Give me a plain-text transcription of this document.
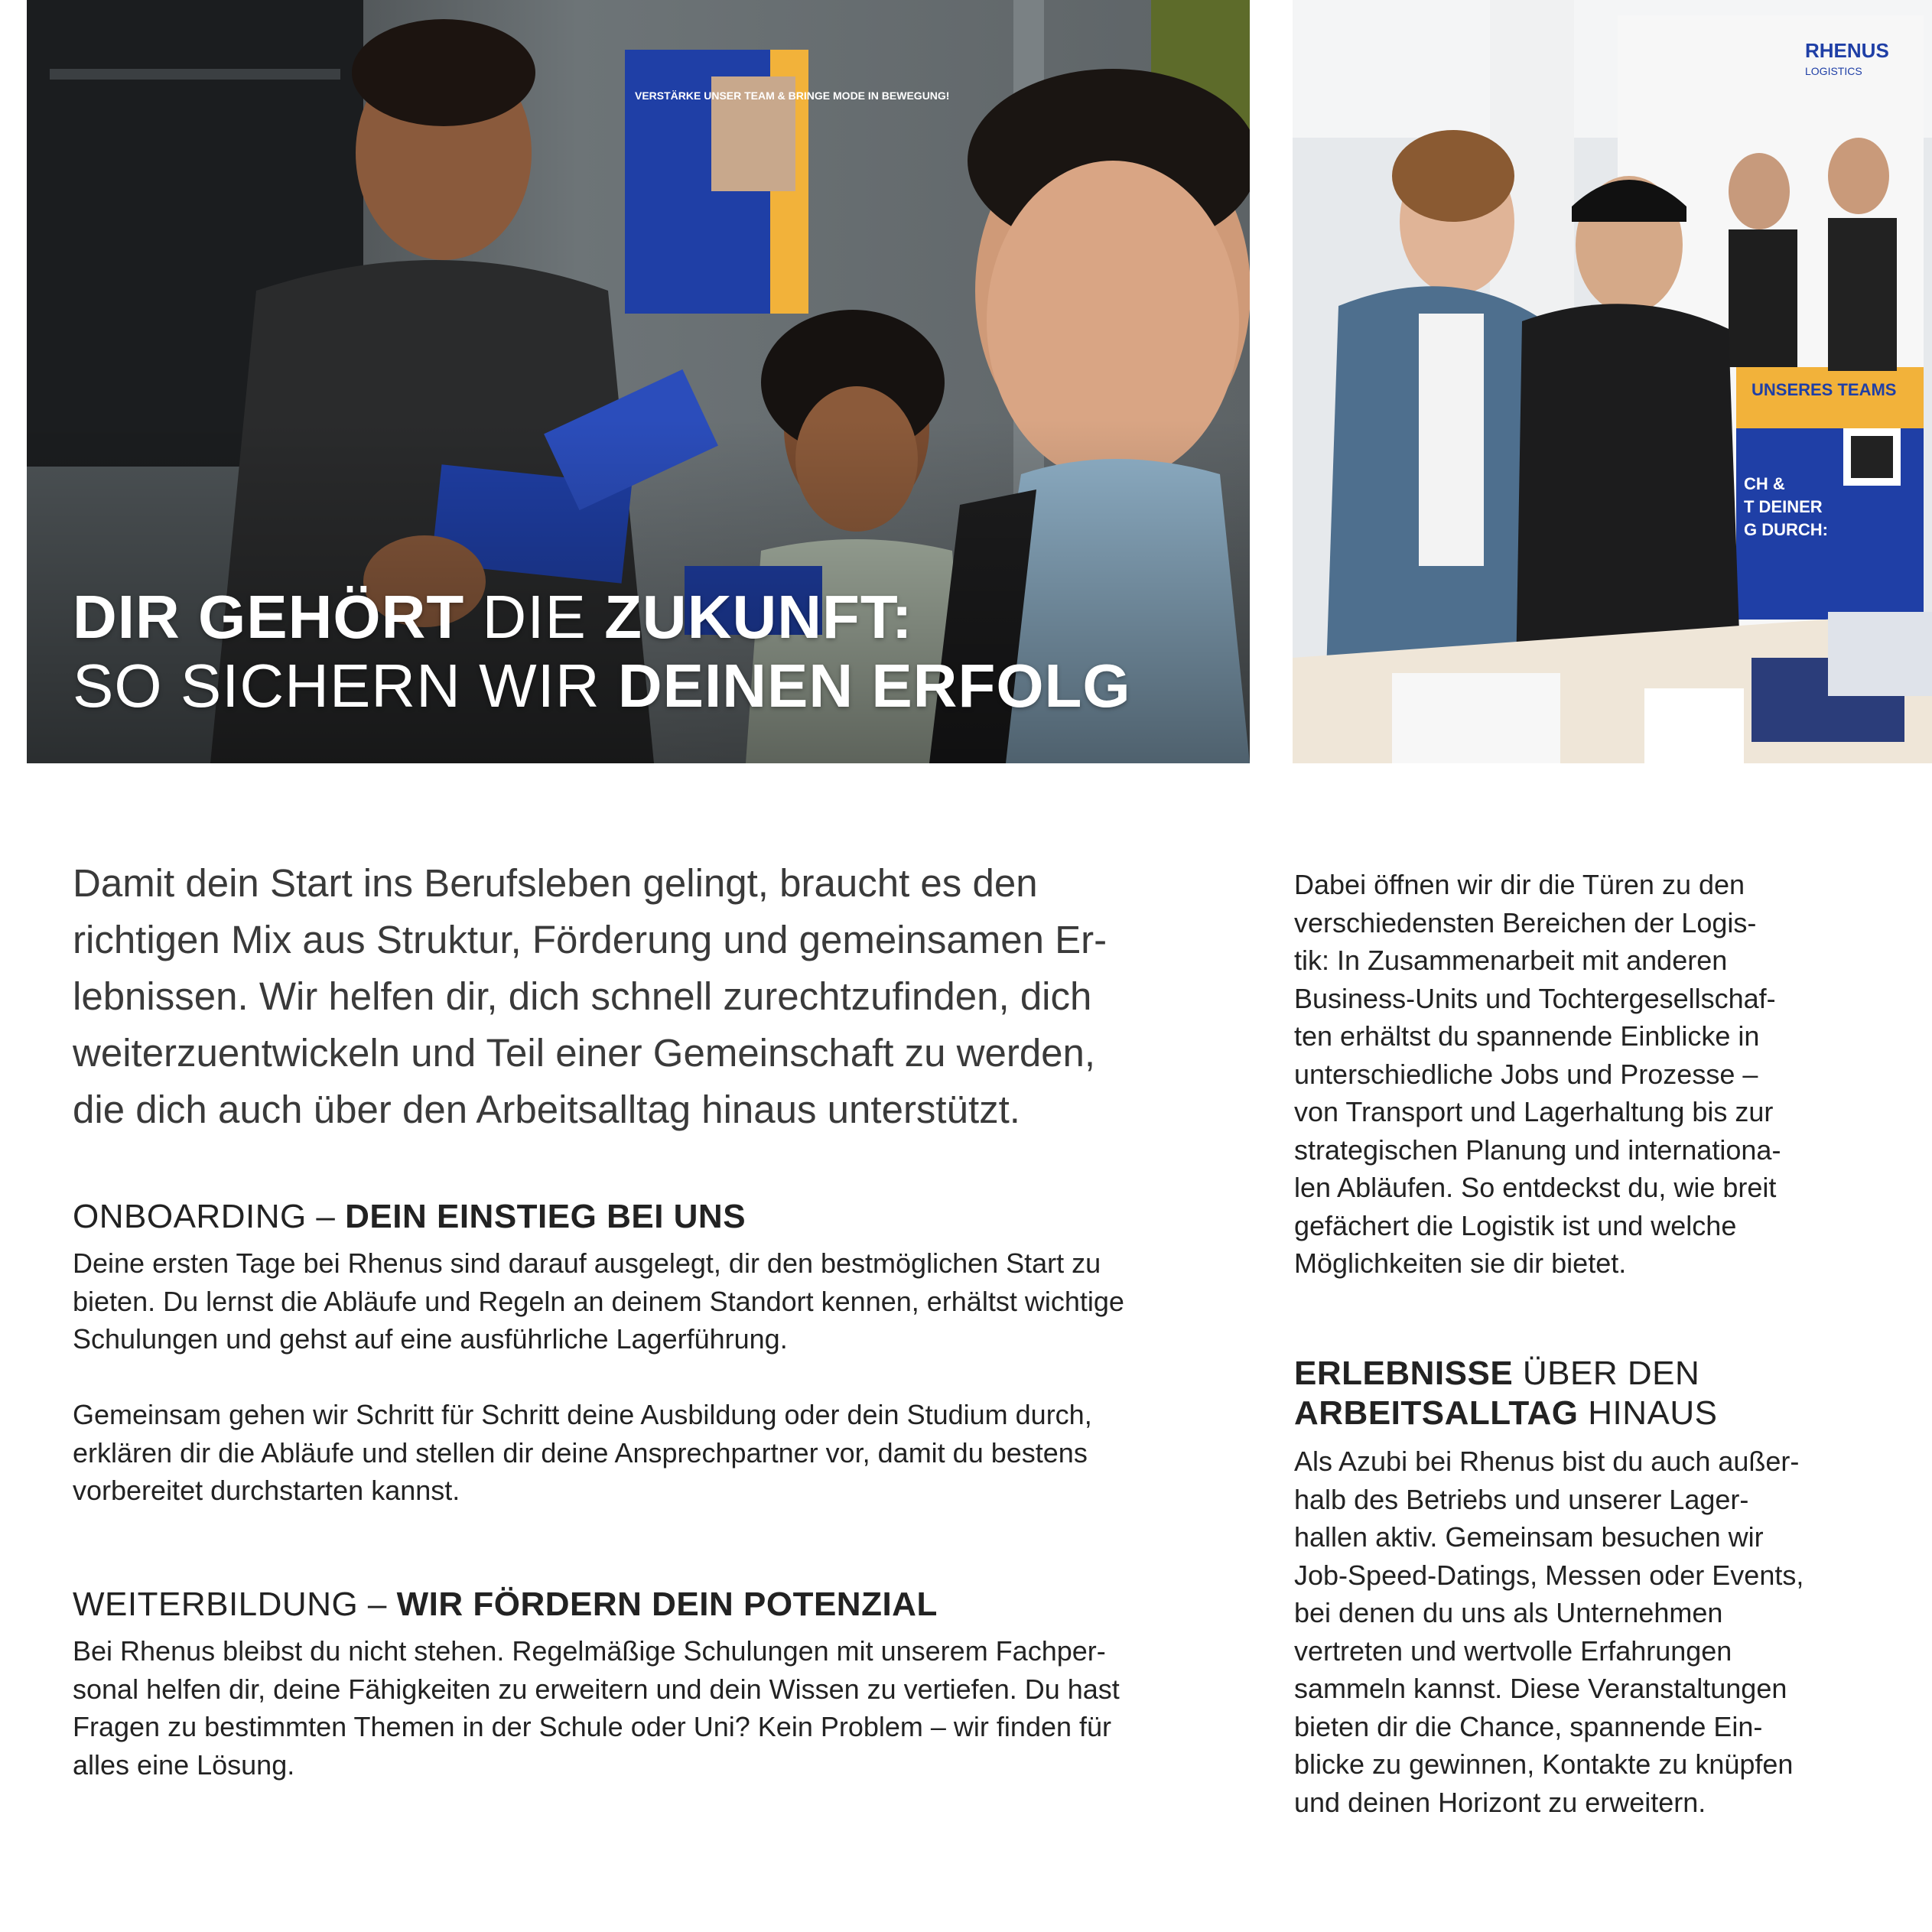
DIR GEHÖRT DIE ZUKUNFT:
SO SICHERN WIR DEINEN ERFOLG
RHENUS
LOGISTICS
UNSERES TEAMS
CH &
T DEINER
G DURCH:

Damit dein Start ins Berufsleben gelingt, braucht es den

richtigen Mix aus Struktur, Förderung und gemeinsamen Er-

lebnissen. Wir helfen dir, dich schnell zurechtzufinden, dich

weiterzuentwickeln und Teil einer Gemeinschaft zu werden,

die dich auch über den Arbeitsalltag hinaus unterstützt.

ONBOARDING – DEIN EINSTIEG BEI UNS

Deine ersten Tage bei Rhenus sind darauf ausgelegt, dir den bestmöglichen Start zu

bieten. Du lernst die Abläufe und Regeln an deinem Standort kennen, erhältst wichtige

Schulungen und gehst auf eine ausführliche Lagerführung.

Gemeinsam gehen wir Schritt für Schritt deine Ausbildung oder dein Studium durch,

erklären dir die Abläufe und stellen dir deine Ansprechpartner vor, damit du bestens

vorbereitet durchstarten kannst.

WEITERBILDUNG – WIR FÖRDERN DEIN POTENZIAL

Bei Rhenus bleibst du nicht stehen. Regelmäßige Schulungen mit unserem Fachper-

sonal helfen dir, deine Fähigkeiten zu erweitern und dein Wissen zu vertiefen. Du hast

Fragen zu bestimmten Themen in der Schule oder Uni? Kein Problem – wir finden für

alles eine Lösung.

Dabei öffnen wir dir die Türen zu den

verschiedensten Bereichen der Logis-

tik: In Zusammenarbeit mit anderen

Business-Units und Tochtergesellschaf-

ten erhältst du spannende Einblicke in

unterschiedliche Jobs und Prozesse –

von Transport und Lagerhaltung bis zur

strategischen Planung und internationa-

len Abläufen. So entdeckst du, wie breit

gefächert die Logistik ist und welche

Möglichkeiten sie dir bietet.

ERLEBNISSE ÜBER DEN
ARBEITSALLTAG HINAUS

Als Azubi bei Rhenus bist du auch außer-

halb des Betriebs und unserer Lager-

hallen aktiv. Gemeinsam besuchen wir

Job-Speed-Datings, Messen oder Events,

bei denen du uns als Unternehmen

vertreten und wertvolle Erfahrungen

sammeln kannst. Diese Veranstaltungen

bieten dir die Chance, spannende Ein-

blicke zu gewinnen, Kontakte zu knüpfen

und deinen Horizont zu erweitern.
